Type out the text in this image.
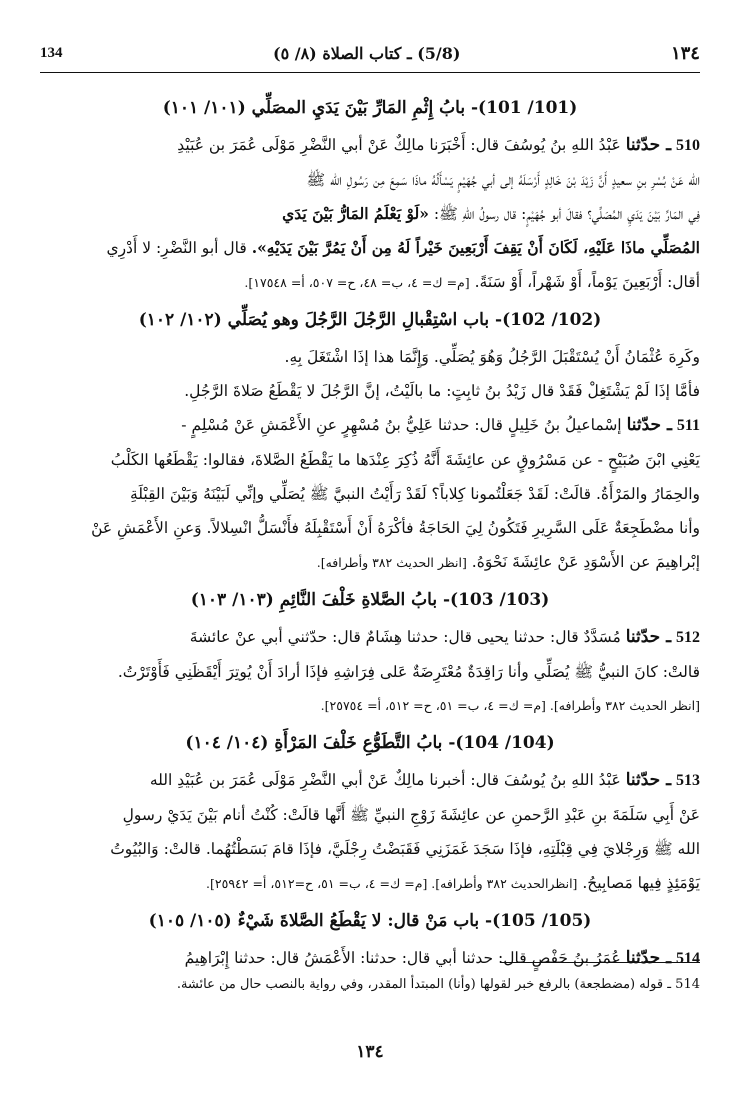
134	(5/8) ـ كتاب الصلاة (٨/ ٥)	١٣٤

(101/ 101)- بابُ إِثْمِ المَارِّ بَيْنَ يَدَيِ المصَلِّي (١٠١/ ١٠١)

510 ـ حدّثنا عَبْدُ اللهِ بنُ يُوسُفَ قال: أَخْبَرَنا مالِكٌ عَنْ أبي النَّضْرِ مَوْلَى عُمَرَ بن عُبَيْدِ

الله عَنْ بُسْرِ بنِ سعيدٍ أَنَّ زَيْدَ بْنَ خَالِدٍ أَرْسَلَهُ إلى أبي جُهَيْمٍ يَسْأَلُهُ ماذَا سَمِعَ مِن رَسُولِ الله ﷺ

فِي المَارِّ بَيْنَ يَدَيِ المُصَلِّي؟ فقالَ أبو جُهَيْمٍ: قال رسولُ اللهِ ﷺ: «لَوْ يَعْلَمُ المَارُّ بَيْنَ يَدَي

المُصَلِّي ماذَا عَلَيْهِ، لَكَانَ أَنْ يَقِفَ أَرْبَعِينَ خَيْراً لَهُ مِن أَنْ يَمُرَّ بَيْنَ يَدَيْهِ». قال أبو النَّضْرِ: لا أَدْرِي

أقال: أَرْبَعِينَ يَوْماً، أَوْ شَهْراً، أَوْ سَنَةً. [م= ك= ٤، ب= ٤٨، ح= ٥٠٧، أ= ١٧٥٤٨].

(102/ 102)- باب اسْتِقْبالِ الرَّجُلَ الرَّجُلَ وهو يُصَلِّي (١٠٢/ ١٠٢)

وكَرِهَ عُثْمَانُ أَنْ يُسْتَقْبَلَ الرَّجُلُ وَهُوَ يُصَلِّي. وَإِنَّمَا هذا إذَا اشْتَغَلَ بِهِ.

فأمَّا إذَا لَمْ يَشْتَغِلْ فَقَدْ قال زَيْدُ بنُ ثابِتٍ: ما بالَيْتُ، إنَّ الرَّجُلَ لا يَقْطَعُ صَلاةَ الرَّجُلِ.

511 ـ حدّثنا إسْماعيلُ بنُ خَلِيلٍ قال: حدثنا عَلِيُّ بنُ مُسْهِرٍ عنِ الأَعْمَشِ عَنْ مُسْلِمٍ -

يَعْنِي ابْنَ صُبَيْحٍ - عن مَسْرُوقٍ عن عائِشَةَ أَنَّهُ ذُكِرَ عِنْدَها ما يَقْطَعُ الصَّلاةَ، فقالوا: يَقْطَعُها الكَلْبُ

والحِمَارُ والمَرْأَةُ. قالَتْ: لَقَدْ جَعَلْتُمونا كِلاباً؟ لَقَدْ رَأَيْتُ النبيَّ ﷺ يُصَلِّي وإنِّي لَبَيْنَهُ وَبَيْنَ القِبْلَةِ

وأنا مضْطَجِعَةٌ عَلَى السَّرِيرِ فَتَكُونُ لِيَ الحَاجَةُ فأكْرَهُ أَنْ أَسْتَقْبِلَهُ فأَنْسَلُّ انْسِلالاً. وَعنِ الأَعْمَشِ عَنْ

إبْراهِيمَ عن الأَسْوَدِ عَنْ عائِشَةَ نَحْوَهُ. [انظر الحديث ٣٨٢ وأطرافه].

(103/ 103)- بابُ الصَّلاةِ خَلْفَ النَّائِمِ (١٠٣/ ١٠٣)

512 ـ حدّثنا مُسَدَّدٌ قال: حدثنا يحيى قال: حدثنا هِشَامٌ قال: حدّثني أبي عنْ عائشةَ

قالتْ: كانَ النبيُّ ﷺ يُصَلِّي وأنا رَاقِدَةٌ مُعْتَرِضَةٌ عَلى فِرَاشِهِ فإذَا أرادَ أَنْ يُوتِرَ أَيْقَظَنِي فَأَوْتَرْتُ.

[انظر الحديث ٣٨٢ وأطرافه]. [م= ك= ٤، ب= ٥١، ح= ٥١٢، أ= ٢٥٧٥٤].

(104/ 104)- بابُ التَّطَوُّعِ خَلْفَ المَرْأَةِ (١٠٤/ ١٠٤)

513 ـ حدّثنا عَبْدُ اللهِ بنُ يُوسُفَ قال: أخبرنا مالِكٌ عَنْ أبي النَّضْرِ مَوْلَى عُمَرَ بن عُبَيْدِ الله

عَنْ أَبِي سَلَمَةَ بنِ عَبْدِ الرَّحمنِ عن عائِشَةَ زَوْجِ النبيِّ ﷺ أَنَّها قالَتْ: كُنْتُ أنام بَيْنَ يَدَيْ رسولِ

الله ﷺ وَرِجْلايَ فِي قِبْلَتِهِ، فإذَا سَجَدَ غَمَزَنِي فَقَبَضْتُ رِجْلَيَّ، فإذَا قامَ بَسَطْتُهُما. قالتْ: وَالبُيُوتُ

يَوْمَئِذٍ فِيها مَصابِيحُ. [انظرالحديث ٣٨٢ وأطرافه]. [م= ك= ٤، ب= ٥١، ح=٥١٢، أ= ٢٥٩٤٢].

(105/ 105)- باب مَنْ قال: لا يَقْطَعُ الصَّلاةَ شَيْءٌ (١٠٥/ ١٠٥)

514 ـ حدّثنا عُمَرُ بنُ حَفْصٍ قال: حدثنا أبي قال: حدثنا: الأَعْمَشُ قال: حدثنا إِبْرَاهِيمُ

514 ـ قوله (مضطجعة) بالرفع خبر لقولها (وأنا) المبتدأ المقدر، وفي رواية بالنصب حال من عائشة.
١٣٤
